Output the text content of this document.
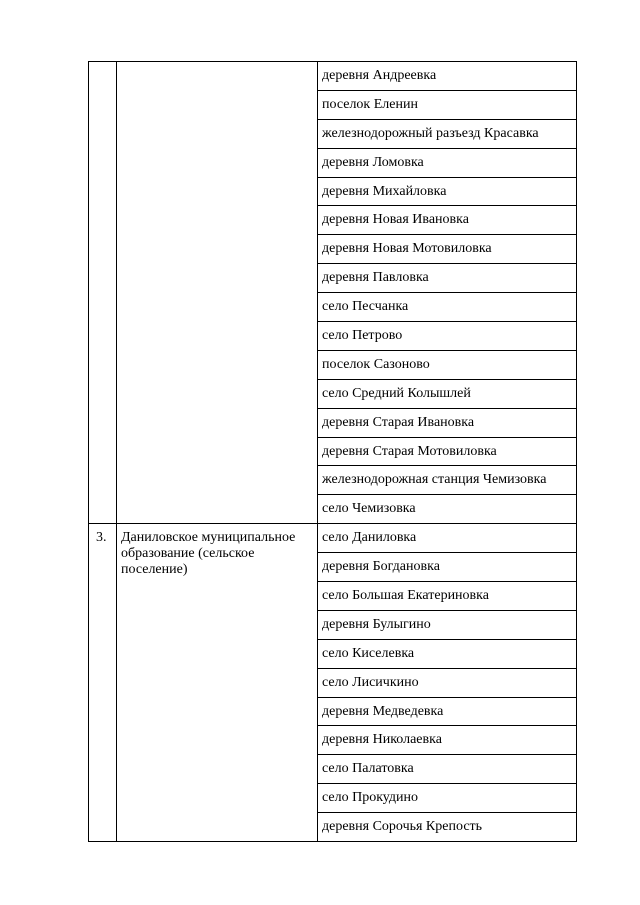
		деревня Андреевка
		поселок Еленин
		железнодорожный разъезд Красавка
		деревня Ломовка
		деревня Михайловка
		деревня Новая Ивановка
		деревня Новая Мотовиловка
		деревня Павловка
		село Песчанка
		село Петрово
		поселок Сазоново
		село Средний Колышлей
		деревня Старая Ивановка
		деревня Старая Мотовиловка
		железнодорожная станция Чемизовка
		село Чемизовка
3.	Даниловское муниципальное образование (сельское поселение)	село Даниловка
		деревня Богдановка
		село Большая Екатериновка
		деревня Булыгино
		село Киселевка
		село Лисичкино
		деревня Медведевка
		деревня Николаевка
		село Палатовка
		село Прокудино
		деревня Сорочья Крепость
